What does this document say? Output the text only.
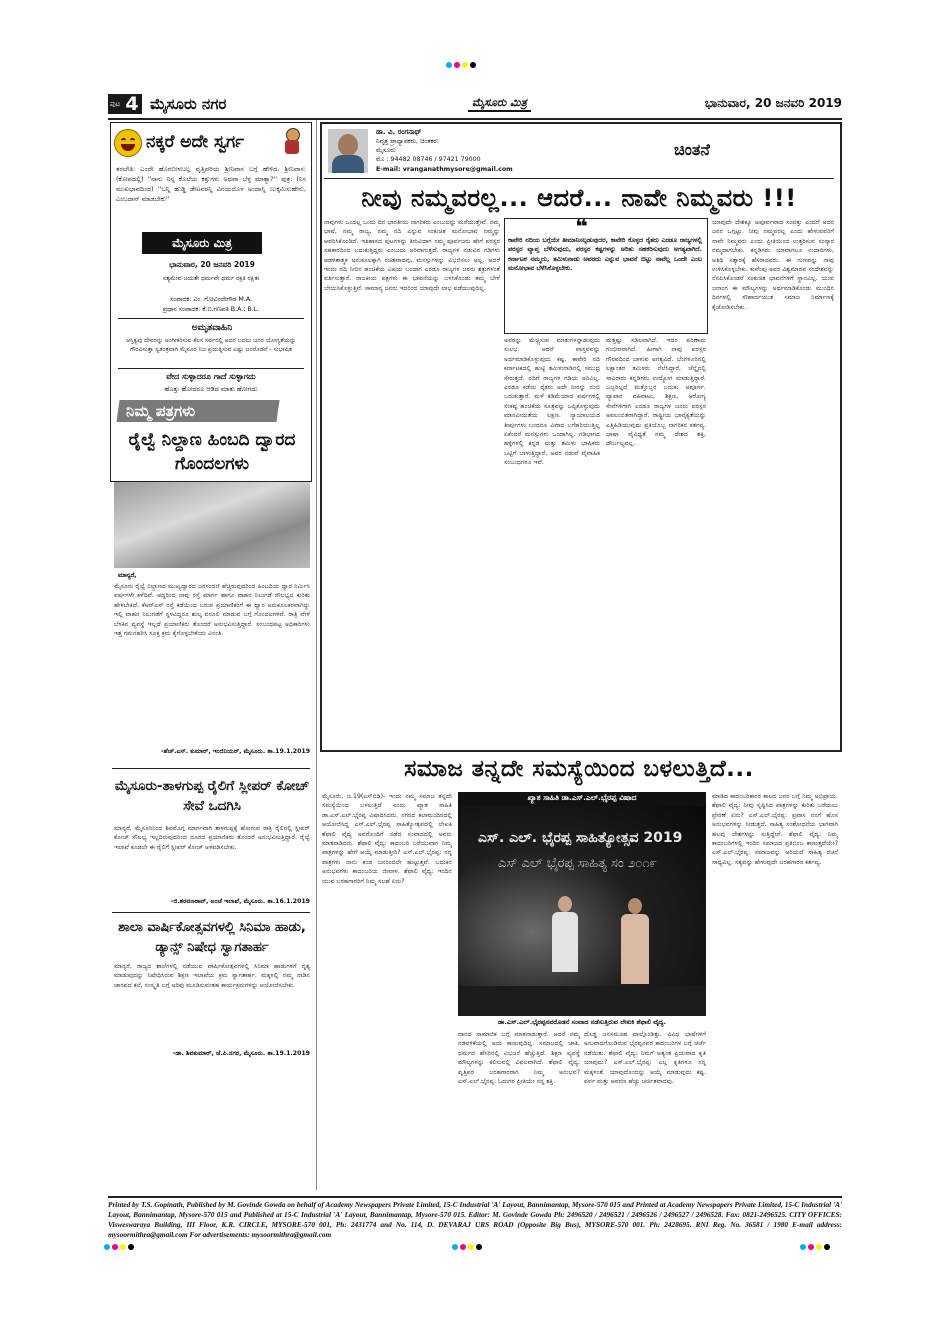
ಪುಟ 4 ಮೈಸೂರು ನಗರ	ಮೈಸೂರು ಮಿತ್ರ	ಭಾನುವಾರ, 20 ಜನವರಿ 2019
ನಕ್ಕರೆ ಅದೇ ಸ್ವರ್ಗ
ತರಬೇತಿ: ಎಂದೇ ಹೊರಬೀಳಬಲ್ಲ ವೃತ್ತಿಪರಿಯ ಶ್ರೀನಿವಾಸ ಬಗ್ಗೆ ಹೇಳಿದ. ಶ್ರೀನಿವಾಸ: (ಕೋಪದಲ್ಲಿ) ''ನಾನು ನಿನ್ನ ಕೊಲೆಯ ಕತ್ತುಗಳು ಅಥವಾ ಬೆಳ್ಳ ಮಾತ್ಯಾ?'' ಪುತ್ರ: (ನಿಸ ಮುಖಭಾವದಿಂದ) ''ಬನ್ನಿ ಹುಡ್ಡಿ ಡೇಟವರನ್ನಿ ವಿನಯದೊಳ ಅಂದಾಸ್ನಿ ಬುಕ್ಕಮಿಸುಹೇನು, ಎಂಬದಾನ್ ಮಾಡಬೇಕು''
ಮೈಸೂರು ಮಿತ್ರ
ಭಾನುವಾರ, 20 ಜನವರಿ 2019
ಸತ್ಯಮೇವ ಜಯತೇ ಧರ್ಮವೇ ಧರ್ಮ ರಕ್ಷತಿ ರಕ್ಷಿತಃ
ಸಂಪಾದಕ: ಎಂ. ಗೋವಿಂದೇಗೌಡ M.A.
ಪ್ರಧಾನ ಸಂಪಾದಕ: ಕೆ.ಬಿ.ಗಣಪತಿ B.A.; B.L.
ಅಮೃತವಾಹಿನಿ
ಆಸ್ತಿಕ್ಯವು ದೇವರನ್ನು ಅಂಗೀಕರಿಸುವ ಕೆಲಸ ಸರ್ವರಲ್ಲಿ ಅದರ ಬದಲು ಜನರ ಯೋಗ್ಯತೆಯನ್ನು ಗೌರವಿಸುತ್ತಾ ಸ್ವತಂತ್ರವಾಗಿ ಮೈಸೂರ ನಿಜ ಪ್ರಯತ್ನಿಸುವ ಎಷ್ಟು ಜನರೊಡನೆ - ಸುಭಾಷಿತ
ವೇದ ಸುಳ್ಳಾದರೂ ಗಾದೆ ಸುಳ್ಳಾಗದು
ಹೊತ್ತು ಹೋದರೂ ಆಡಿದ ಮಾತು ಹೋಗದು
ನಿಮ್ಮ ಪತ್ರಗಳು
ರೈಲ್ವೆ ನಿಲ್ದಾಣ ಹಿಂಬದಿ ದ್ವಾರದ ಗೊಂದಲಗಳು
ಮಾನ್ಯರೆ,
ಮೈಸೂರು ರೈಲ್ವೆ ನಿಲ್ದಾಣದ ಮುಖ್ಯದ್ವಾರದ ಜನಸಂದಣಿ ಹೆಚ್ಚಿರುವುದರಿಂದ ಹಿಂಬದಿಯ ದ್ವಾರ ನಿರ್ಮಿಸಿ ವರ್ಷಗಳೇ ಕಳೆದಿವೆ. ಆದ್ದರಿಂದ ನಾವು ರಸ್ತೆ ಮಾರ್ಗ ಹಾಗೂ ವಾಹನ ನಿಲುಗಡೆ ಸೌಲಭ್ಯದ ಕುರಿತು ಹೇಳಬೇಕಿದೆ. ಕೆಆರ್‌ಎಸ್ ರಸ್ತೆ ಕಡೆಯಿಂದ ಬರುವ ಪ್ರಯಾಣಿಕರಿಗೆ ಈ ದ್ವಾರ ಅನುಕೂಲಕರವಾಗಿದ್ದು ಇಲ್ಲಿ ವಾಹನ ನಿಲುಗಡೆಗೆ ಸ್ಥಳವಿದ್ದರೂ ಶುಲ್ಕ ವಸೂಲಿ ಮಾಡುವ ಬಗ್ಗೆ ಗೊಂದಲಗಳಿವೆ. ರಾತ್ರಿ ವೇಳೆ ಬೆಳಕಿನ ವ್ಯವಸ್ಥೆ ಇಲ್ಲದೆ ಪ್ರಯಾಣಿಕರು ತೊಂದರೆ ಅನುಭವಿಸುತ್ತಿದ್ದಾರೆ. ಸಂಬಂಧಪಟ್ಟ ಅಧಿಕಾರಿಗಳು ಇತ್ತ ಗಮನಹರಿಸಿ ಸೂಕ್ತ ಕ್ರಮ ಕೈಗೊಳ್ಳಬೇಕೆಂದು ವಿನಂತಿ.
-ಹೆಚ್.ಎಸ್. ಕುಮಾರ್, ಇಂಜಿನಿಯರ್, ಮೈಸೂರು. ತಾ.19.1.2019
ಮೈಸೂರು-ತಾಳಗುಪ್ಪ ರೈಲಿಗೆ ಸ್ಲೀಪರ್ ಕೋಚ್ ಸೇವೆ ಒದಗಿಸಿ
ಮಾನ್ಯರೆ, ಮೈಸೂರಿನಿಂದ ಶಿವಮೊಗ್ಗ ಮಾರ್ಗವಾಗಿ ತಾಳಗುಪ್ಪಕ್ಕೆ ಹೋಗುವ ರಾತ್ರಿ ರೈಲಿನಲ್ಲಿ ಸ್ಲೀಪರ್ ಕೋಚ್ ಸೌಲಭ್ಯ ಇಲ್ಲದಿರುವುದರಿಂದ ದೂರದ ಪ್ರಯಾಣಿಕರು ತೊಂದರೆ ಅನುಭವಿಸುತ್ತಿದ್ದಾರೆ. ರೈಲ್ವೆ ಇಲಾಖೆ ಕೂಡಲೇ ಈ ರೈಲಿಗೆ ಸ್ಲೀಪರ್ ಕೋಚ್ ಅಳವಡಿಸಬೇಕು.
-ಜಿ.ಶರವಣರಾವ್, ಅಂಚೆ ಇಲಾಖೆ, ಮೈಸೂರು. ತಾ.16.1.2019
ಶಾಲಾ ವಾರ್ಷಿಕೋತ್ಸವಗಳಲ್ಲಿ ಸಿನಿಮಾ ಹಾಡು, ಡ್ಯಾನ್ಸ್ ನಿಷೇಧ ಸ್ವಾಗತಾರ್ಹ
ಮಾನ್ಯರೆ, ರಾಜ್ಯದ ಶಾಲೆಗಳಲ್ಲಿ ನಡೆಯುವ ವಾರ್ಷಿಕೋತ್ಸವಗಳಲ್ಲಿ ಸಿನಿಮಾ ಹಾಡುಗಳಿಗೆ ನೃತ್ಯ ಮಾಡುವುದನ್ನು ನಿಷೇಧಿಸಿರುವ ಶಿಕ್ಷಣ ಇಲಾಖೆಯ ಕ್ರಮ ಸ್ವಾಗತಾರ್ಹ. ಮಕ್ಕಳಲ್ಲಿ ನಮ್ಮ ನಾಡಿನ ಜಾನಪದ ಕಲೆ, ಸಂಸ್ಕೃತಿ ಬಗ್ಗೆ ಅರಿವು ಮೂಡಿಸುವಂತಹ ಕಾರ್ಯಕ್ರಮಗಳನ್ನು ಆಯೋಜಿಸಬೇಕು.
-ಡಾ. ಶಿವಕುಮಾರ್, ಜೆ.ಪಿ.ನಗರ, ಮೈಸೂರು. ತಾ.19.1.2019
ಡಾ. ವಿ. ರಂಗನಾಥ್
ನಿವೃತ್ತ ಪ್ರಾಧ್ಯಾಪಕರು, ಚಿಂತಕರು
ಮೈಸೂರು
ಮೊ : 94482 08746 / 97421 79000
E-mail: vranganathmysore@gmail.com
ಚಿಂತನೆ
ನೀವು ನಮ್ಮವರಲ್ಲ... ಆದರೆ... ನಾವೇ ನಿಮ್ಮವರು !!!
❝
ಕಾವೇರಿ ನದಿಯ ಬಗ್ಗೆಯೇ ತೀಮಾನಿಸಲ್ಪಡುವುದರ, ಕಾವೇರಿ ಕೊಳ್ಳದ ರೈತರು ಎರಡೂ ರಾಜ್ಯಗಳಲ್ಲಿ ಪರಸ್ಪರ ವ್ಯಾಪ್ತ ಬೆಳೆಸುವುದು, ಪರಸ್ಪರ ಕಷ್ಟಗಳನ್ನು ಅರಿತು ಸಹಕರಿಸುವುದು ಅಗತ್ಯವಾಗಿದೆ. ಕರ್ನಾಟಕ ನಮ್ಮದು, ತಮಿಳುನಾಡು ಅವರದು ಎನ್ನುವ ಭಾವನೆ ಬಿಟ್ಟು ನಾವೆಲ್ಲ ಒಂದೇ ಎಂಬ ಮನೋಭಾವ ಬೆಳೆಸಿಕೊಳ್ಳಬೇಕು.
ನಾವುಗಳು ಒಂದಲ್ಲ ಒಂದು ದಿನ ಭಾರತೀಯ ನಾಗರಿಕರು ಎಂಬುದನ್ನು ಮರೆಯುತ್ತೇವೆ. ನಮ್ಮ ಭಾಷೆ, ನಮ್ಮ ರಾಜ್ಯ, ನಮ್ಮ ನದಿ ಎನ್ನುವ ಸಂಕುಚಿತ ಮನೋಭಾವ ನಮ್ಮನ್ನು ಆವರಿಸಿಕೊಂಡಿದೆ. ಇತಿಹಾಸದ ಪುಟಗಳನ್ನು ತಿರುವಿದಾಗ ನಮ್ಮ ಪೂರ್ವಜರು ಹೇಗೆ ಪರಸ್ಪರ ಸಹಕಾರದಿಂದ ಬದುಕುತ್ತಿದ್ದರು ಎಂಬುದು ಅರಿವಾಗುತ್ತದೆ. ರಾಜ್ಯಗಳ ನಡುವಿನ ಗಡಿಗಳು ಆಡಳಿತಾತ್ಮಕ ಅನುಕೂಲಕ್ಕಾಗಿ ರಚಿತವಾದವು, ಮನಸ್ಸುಗಳನ್ನು ವಿಭಜಿಸಲು ಅಲ್ಲ. ಆದರೆ ಇಂದು ನದಿ ನೀರಿನ ಹಂಚಿಕೆಯ ವಿಷಯ ಬಂದಾಗ ಎರಡೂ ರಾಜ್ಯಗಳ ಜನರು ಶತ್ರುಗಳಂತೆ ವರ್ತಿಸುತ್ತಾರೆ. ರಾಜಕೀಯ ಪಕ್ಷಗಳು ಈ ಭಾವನೆಯನ್ನು ಬಳಸಿಕೊಂಡು ತಮ್ಮ ಬೇಳೆ ಬೇಯಿಸಿಕೊಳ್ಳುತ್ತಿವೆ. ಸಾಮಾನ್ಯ ಜನರು ಇದರಿಂದ ಯಾವುದೇ ಲಾಭ ಪಡೆಯುವುದಿಲ್ಲ.
ಅವರನ್ನು ಮೆಚ್ಚಿಸುವ ಮಾತುಗಳನ್ನಾಡುವುದು ಸುಲಭ. ಆದರೆ ವಾಸ್ತವವನ್ನು ಅರ್ಥಮಾಡಿಕೊಳ್ಳುವುದು ಕಷ್ಟ. ಕಾವೇರಿ ನದಿ ಕರ್ನಾಟಕದಲ್ಲಿ ಹುಟ್ಟಿ ತಮಿಳುನಾಡಿನಲ್ಲಿ ಸಮುದ್ರ ಸೇರುತ್ತದೆ. ನದಿಗೆ ರಾಜ್ಯಗಳ ಗಡಿಯ ಅರಿವಿಲ್ಲ. ಎರಡೂ ಕಡೆಯ ರೈತರು ಅದೇ ನೀರನ್ನು ನಂಬಿ ಬದುಕುತ್ತಾರೆ. ಮಳೆ ಕಡಿಮೆಯಾದ ವರ್ಷಗಳಲ್ಲಿ ಸಂಕಷ್ಟ ಹಂಚಿಕೆಯ ಸೂತ್ರವನ್ನು ಒಪ್ಪಿಕೊಳ್ಳುವುದು ಮಾನವೀಯತೆಯ ಲಕ್ಷಣ. ನ್ಯಾಯಾಲಯದ ತೀರ್ಪುಗಳು ಬಂದರೂ ವಿವಾದ ಬಗೆಹರಿಯುತ್ತಿಲ್ಲ ಏಕೆಂದರೆ ಮನಸ್ಸುಗಳು ಒಂದಾಗಿಲ್ಲ. ಗಡಿಭಾಗದ ಹಳ್ಳಿಗಳಲ್ಲಿ ಕನ್ನಡ ಮತ್ತು ತಮಿಳು ಭಾಷಿಕರು ಒಟ್ಟಿಗೆ ಬಾಳುತ್ತಿದ್ದಾರೆ, ಅವರ ನಡುವೆ ವೈವಾಹಿಕ ಸಂಬಂಧಗಳೂ ಇವೆ.
ಮತ್ತಷ್ಟು ಸಡಿಲವಾಗಿದೆ. ಇದರ ಪರಿಣಾಮ ಗಂಭೀರವಾಗಿದೆ. ಹೀಗಾಗಿ ನಾವು ಪರಸ್ಪರ ಗೌರವದಿಂದ ಬಾಳುವ ಅಗತ್ಯವಿದೆ. ಬೆಂಗಳೂರಿನಲ್ಲಿ ಲಕ್ಷಾಂತರ ತಮಿಳರು ನೆಲೆಸಿದ್ದಾರೆ, ಚೆನ್ನೈನಲ್ಲಿ ಸಾವಿರಾರು ಕನ್ನಡಿಗರು ಉದ್ಯೋಗ ಮಾಡುತ್ತಿದ್ದಾರೆ. ಒಬ್ಬರಿಲ್ಲದೆ ಮತ್ತೊಬ್ಬರ ಬದುಕು ಅಪೂರ್ಣ. ವ್ಯಾಪಾರ ವಹಿವಾಟು, ಶಿಕ್ಷಣ, ಆರೋಗ್ಯ ಸೇವೆಗಳಿಗಾಗಿ ಎರಡೂ ರಾಜ್ಯಗಳ ಜನರು ಪರಸ್ಪರ ಅವಲಂಬಿತರಾಗಿದ್ದಾರೆ. ರಾಷ್ಟ್ರೀಯ ಭಾವೈಕ್ಯತೆಯನ್ನು ಎತ್ತಿಹಿಡಿಯುವುದು ಪ್ರತಿಯೊಬ್ಬ ನಾಗರಿಕನ ಕರ್ತವ್ಯ. ಭಾಷಾ ವೈವಿಧ್ಯತೆ ನಮ್ಮ ದೇಶದ ಶಕ್ತಿ, ದೌರ್ಬಲ್ಯವಲ್ಲ.
ಯಾವುದೇ ದೇಶಕ್ಕೂ ಅಪೂರ್ವವಾದ ಸಂಪತ್ತು ಎಂದರೆ ಅದರ ಜನರ ಒಗ್ಗಟ್ಟು. ನೀವು ನಮ್ಮವರಲ್ಲ ಎಂದು ಹೇಳುವವರಿಗೆ ನಾವೇ ನಿಮ್ಮವರು ಎಂದು ಪ್ರೀತಿಯಿಂದ ಉತ್ತರಿಸುವ ಸಂಸ್ಕಾರ ನಮ್ಮದಾಗಬೇಕು. ಕನ್ನಡಿಗರು ಯಾವಾಗಲೂ ಉದಾರಿಗಳು, ಅತಿಥಿ ಸತ್ಕಾರಕ್ಕೆ ಹೆಸರಾದವರು. ಈ ಗುಣವನ್ನು ನಾವು ಉಳಿಸಿಕೊಳ್ಳಬೇಕು. ಕುವೆಂಪು ಅವರ ವಿಶ್ವಮಾನವ ಸಂದೇಶವನ್ನು ನೆನಪಿಸಿಕೊಂಡರೆ ಸಂಕುಚಿತ ಭಾವನೆಗಳಿಗೆ ಸ್ಥಾನವಿಲ್ಲ. ಯುವ ಜನಾಂಗ ಈ ಮೌಲ್ಯಗಳನ್ನು ಅರ್ಥಮಾಡಿಕೊಂಡು ಮುಂದಿನ ದಿನಗಳಲ್ಲಿ ಸೌಹಾರ್ದಯುತ ಸಮಾಜ ನಿರ್ಮಾಣಕ್ಕೆ ಕೈಜೋಡಿಸಬೇಕು.
ಸಮಾಜ ತನ್ನದೇ ಸಮಸ್ಯೆಯಿಂದ ಬಳಲುತ್ತಿದೆ...
ಮೈಸೂರು, ಜ.19(ಎಸ್‌ಬಿಡಿ)- ಇಂದು ನಮ್ಮ ಸಮಾಜ ತನ್ನದೇ ಸಮಸ್ಯೆಯಿಂದ ಬಳಲುತ್ತಿದೆ ಎಂದು ಖ್ಯಾತ ಸಾಹಿತಿ ಡಾ.ಎಸ್.ಎಲ್.ಭೈರಪ್ಪ ವಿಷಾದಿಸಿದರು. ನಗರದ ಕಲಾಮಂದಿರದಲ್ಲಿ ಆಯೋಜಿಸಿದ್ದ ಎಸ್.ಎಲ್.ಭೈರಪ್ಪ ಸಾಹಿತ್ಯೋತ್ಸವದಲ್ಲಿ ಲೇಖಕಿ ಶೆಫಾಲಿ ವೈದ್ಯ ಅವರೊಂದಿಗೆ ನಡೆದ ಸಂವಾದದಲ್ಲಿ ಅವರು ಮಾತನಾಡಿದರು. ಶೆಫಾಲಿ ವೈದ್ಯ: ಕಾದಂಬರಿ ಬರೆಯುವಾಗ ನಿಮ್ಮ ಪಾತ್ರಗಳನ್ನು ಹೇಗೆ ಆಯ್ಕೆ ಮಾಡುತ್ತೀರಿ? ಎಸ್.ಎಲ್.ಭೈರಪ್ಪ: ನನ್ನ ಪಾತ್ರಗಳು ನಾನು ಕಂಡ ಜನರಿಂದಲೇ ಹುಟ್ಟುತ್ತವೆ. ಬದುಕಿನ ಅನುಭವಗಳು ಕಾದಂಬರಿಯ ಜೀವಾಳ. ಶೆಫಾಲಿ ವೈದ್ಯ: ಇಂದಿನ ಯುವ ಬರಹಗಾರರಿಗೆ ನಿಮ್ಮ ಸಲಹೆ ಏನು?
ಖ್ಯಾತ ಸಾಹಿತಿ ಡಾ.ಎಸ್.ಎಲ್.ಭೈರಪ್ಪ ವಿಷಾದ
ಎಸ್. ಎಲ್. ಭೈರಪ್ಪ ಸಾಹಿತ್ಯೋತ್ಸವ 2019
ಎಸ್ ಎಲ್ ಭೈರಪ್ಪ ಸಾಹಿತ್ಯ ಸಂ ೨೦೧೯
ಡಾ.ಎಸ್.ಎಲ್.ಭೈರಪ್ಪನವರೊಡನೆ ಸಂವಾದ ನಡೆಸುತ್ತಿರುವ ಲೇಖಕಿ ಶೆಫಾಲಿ ವೈದ್ಯ.
ದಾನದ ಸಾಮಾಜಿಕ ಬಗ್ಗೆ ಮಾತನಾಡುತ್ತಾರೆ. ಆದರೆ ನಮ್ಮ ನಡವಳಿಕೆಯಲ್ಲಿ ಅದು ಕಾಣುವುದಿಲ್ಲ. ಸಮಾಜದಲ್ಲಿ ಜಾತಿ, ಧರ್ಮದ ಹೆಸರಿನಲ್ಲಿ ವಿಭಜನೆ ಹೆಚ್ಚುತ್ತಿದೆ. ಶಿಕ್ಷಣ ವ್ಯವಸ್ಥೆ ಮೌಲ್ಯಗಳನ್ನು ಕಲಿಸುವಲ್ಲಿ ವಿಫಲವಾಗಿದೆ. ಶೆಫಾಲಿ ವೈದ್ಯ: ವೃತ್ತಿಪರ ಬರಹಗಾರರಾಗಿ ನಿಮ್ಮ ಅನುಭವ? ಎಸ್.ಎಲ್.ಭೈರಪ್ಪ: ಓದುಗರ ಪ್ರೀತಿಯೇ ನನ್ನ ಶಕ್ತಿ.
ದೊಡ್ಡ ಜನಸಮೂಹ ಪಾಲ್ಗೊಂಡಿತ್ತು. ವಿವಿಧ ಭಾಷೆಗಳಿಗೆ ಅನುವಾದಗೊಂಡಿರುವ ಭೈರಪ್ಪನವರ ಕಾದಂಬರಿಗಳ ಬಗ್ಗೆ ಚರ್ಚೆ ನಡೆಯಿತು. ಶೆಫಾಲಿ ವೈದ್ಯ: ನಿಮಗೆ ಅತ್ಯಂತ ಪ್ರಿಯವಾದ ಕೃತಿ ಯಾವುದು? ಎಸ್.ಎಲ್.ಭೈರಪ್ಪ: ಎಲ್ಲ ಕೃತಿಗಳೂ ನನ್ನ ಮಕ್ಕಳಂತೆ. ಯಾವುದೊಂದನ್ನು ಆಯ್ಕೆ ಮಾಡುವುದು ಕಷ್ಟ. ಪರ್ವ ಮತ್ತು ಆವರಣ ಹೆಚ್ಚು ಚರ್ಚಿತವಾದವು.
ಮಾಡಿದ ಕಾದಂಬರಿಕಾರರ ಕಾಲದ ಜನರ ಬಗ್ಗೆ ನಿಮ್ಮ ಅಭಿಪ್ರಾಯ. ಶೆಫಾಲಿ ವೈದ್ಯ: ನೀವು ಸೃಷ್ಟಿಸಿದ ಪಾತ್ರಗಳನ್ನು ಕುರಿತು ಬರೆಯಲು ಪ್ರೇರಣೆ ಏನು? ಎಸ್.ಎಲ್.ಭೈರಪ್ಪ: ಪ್ರವಾಸ ನನಗೆ ಹೊಸ ಅನುಭವಗಳನ್ನು ನೀಡುತ್ತದೆ. ಸಾಹಿತ್ಯ ಸಂಶೋಧನೆಯ ಭಾಗವಾಗಿ ಹಲವು ದೇಶಗಳನ್ನು ಸುತ್ತಿದ್ದೇನೆ. ಶೆಫಾಲಿ ವೈದ್ಯ: ನಿಮ್ಮ ಕಾದಂಬರಿಗಳಲ್ಲಿ ಇಂದಿನ ಸಮಾಜದ ಪ್ರತಿಬಿಂಬ ಕಾಣುತ್ತದೆಯೇ? ಎಸ್.ಎಲ್.ಭೈರಪ್ಪ: ಸಮಾಜವನ್ನು ಅರಿಯದೆ ಸಾಹಿತ್ಯ ರಚನೆ ಸಾಧ್ಯವಿಲ್ಲ. ಸತ್ಯವನ್ನು ಹೇಳುವುದೇ ಬರಹಗಾರನ ಕರ್ತವ್ಯ.
Printed by T.S. Gopinath, Published by M. Govinde Gowda on behalf of Academy Newspapers Private Limited, 15-C Industrial 'A' Layout, Bannimantap, Mysore-570 015 and Printed at Academy Newspapers Private Limited, 15-C Industrial 'A' Layout, Bannimantap, Mysore-570 015 and Published at 15-C Industrial 'A' Layout, Bannimantap, Mysore-570 015. Editor: M. Govinde Gowda Ph: 2496520 / 2496521 / 2496526 / 2496527 / 2496528. Fax: 0821-2496525. CITY OFFICES: Visweswaraya Building, III Floor, K.R. CIRCLE, MYSORE-570 001, Ph: 2431774 and No. 114, D. DEVARAJ URS ROAD (Opposite Big Bus), MYSORE-570 001. Ph: 2428695. RNI Reg. No. 36581 / 1980 E-mail address: mysoormithra@gmail.com For advertisements: mysoormithra@gmail.com
